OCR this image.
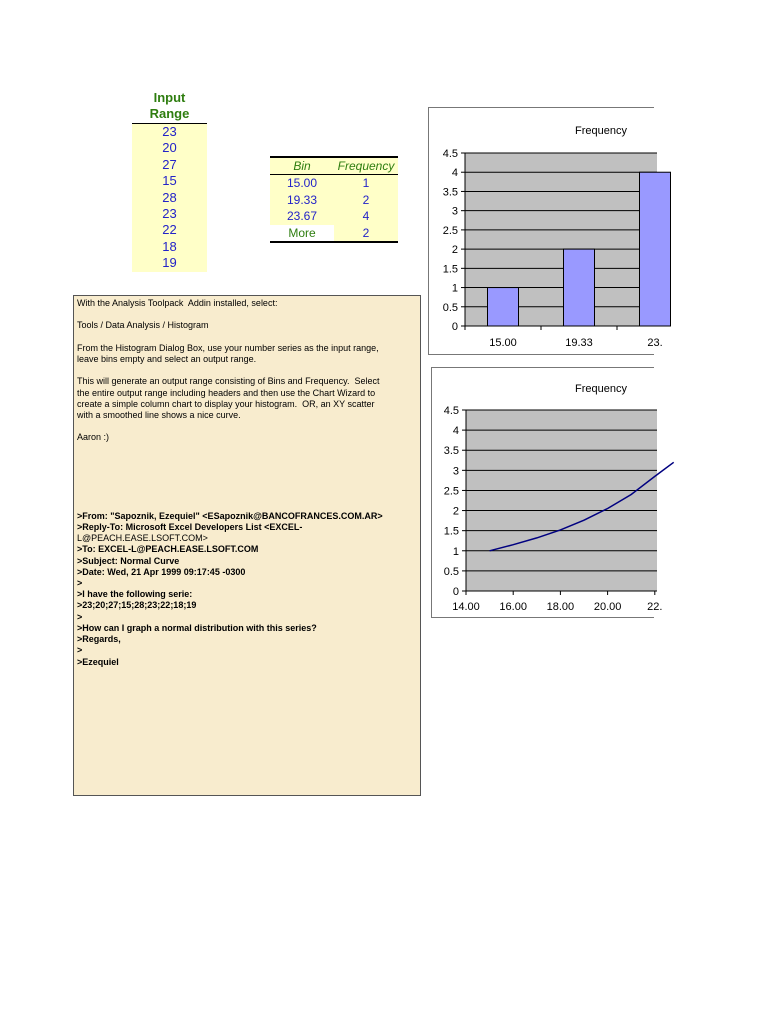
Input
Range
23
20
27
15
28
23
22
18
19
Bin	Frequency
15.00	1
19.33	2
23.67	4
More	2

With the Analysis Toolpack  Addin installed, select:

Tools / Data Analysis / Histogram

From the Histogram Dialog Box, use your number series as the input range,

leave bins empty and select an output range.

This will generate an output range consisting of Bins and Frequency.  Select

the entire output range including headers and then use the Chart Wizard to

create a simple column chart to display your histogram.  OR, an XY scatter

with a smoothed line shows a nice curve.

Aaron :)

>From: "Sapoznik, Ezequiel" <ESapoznik@BANCOFRANCES.COM.AR>

>Reply-To: Microsoft Excel Developers List <EXCEL-

L@PEACH.EASE.LSOFT.COM>

>To: EXCEL-L@PEACH.EASE.LSOFT.COM

>Subject: Normal Curve

>Date: Wed, 21 Apr 1999 09:17:45 -0300

>

>I have the following serie:

>23;20;27;15;28;23;22;18;19

>

>How can I graph a normal distribution with this series?

>Regards,

>

>Ezequiel

Frequency
0
0.5
1
1.5
2
2.5
3
3.5
4
4.5
15.00	19.33	23.
Frequency
0
0.5
1
1.5
2
2.5
3
3.5
4
4.5
14.00 16.00 18.00 20.00 22.
